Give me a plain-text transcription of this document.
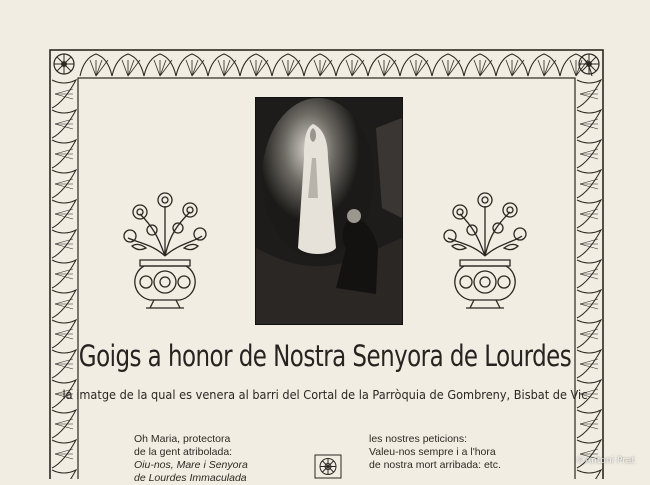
Goigs a honor de Nostra Senyora de Lourdes
la imatge de la qual es venera al barri del Cortal de la Parròquia de Gombreny, Bisbat de Vic
Oh Maria, protectora
de la gent atribolada:
Oiu-nos, Mare i Senyora
de Lourdes Immaculada
les nostres peticions:
Valeu-nos sempre i a l'hora
de nostra mort arribada: etc.	©Antoni Prat
